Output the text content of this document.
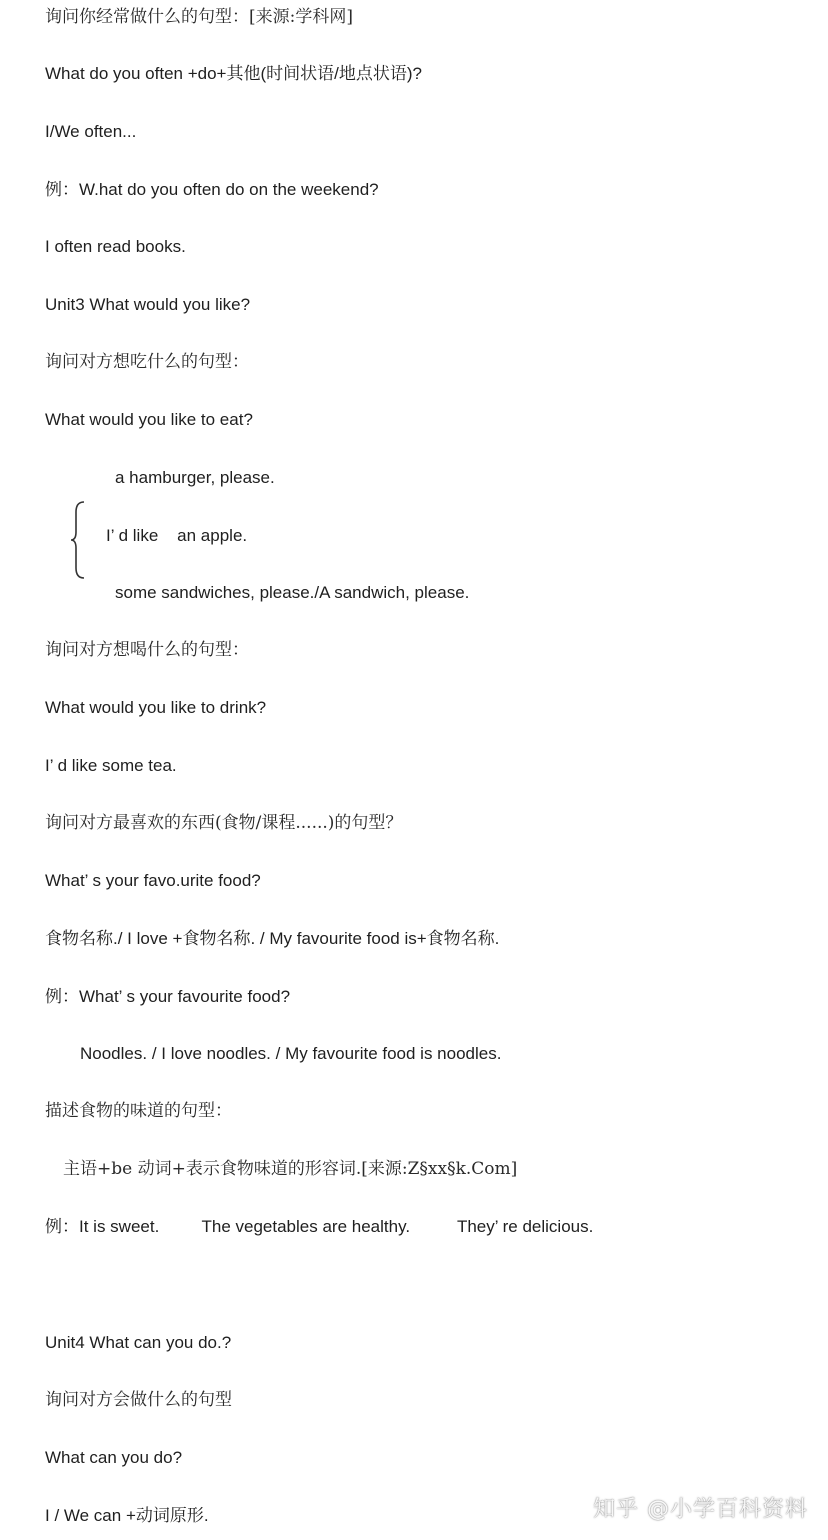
询问你经常做什么的句型：[来源:学科网]
What do you often +do+其他(时间状语/地点状语)?
I/We often...
例：W.hat do you often do on the weekend?
I often read books.
Unit3 What would you like?
询问对方想吃什么的句型：
What would you like to eat?
a hamburger, please.
I’ d like    an apple.
some sandwiches, please./A sandwich, please.
询问对方想喝什么的句型：
What would you like to drink?
I’ d like some tea.
询问对方最喜欢的东西(食物/课程......)的句型？
What’ s your favo.urite food?
食物名称./ I love +食物名称. / My favourite food is+食物名称.
例：What’ s your favourite food?
Noodles. / I love noodles. / My favourite food is noodles.
描述食物的味道的句型：
主语+be 动词+表示食物味道的形容词.[来源:Z§xx§k.Com]
例：It is sweet.         The vegetables are healthy.          They’ re delicious.
Unit4 What can you do.?
询问对方会做什么的句型
What can you do?
I / We can +动词原形.	知乎 @小学百科资料
